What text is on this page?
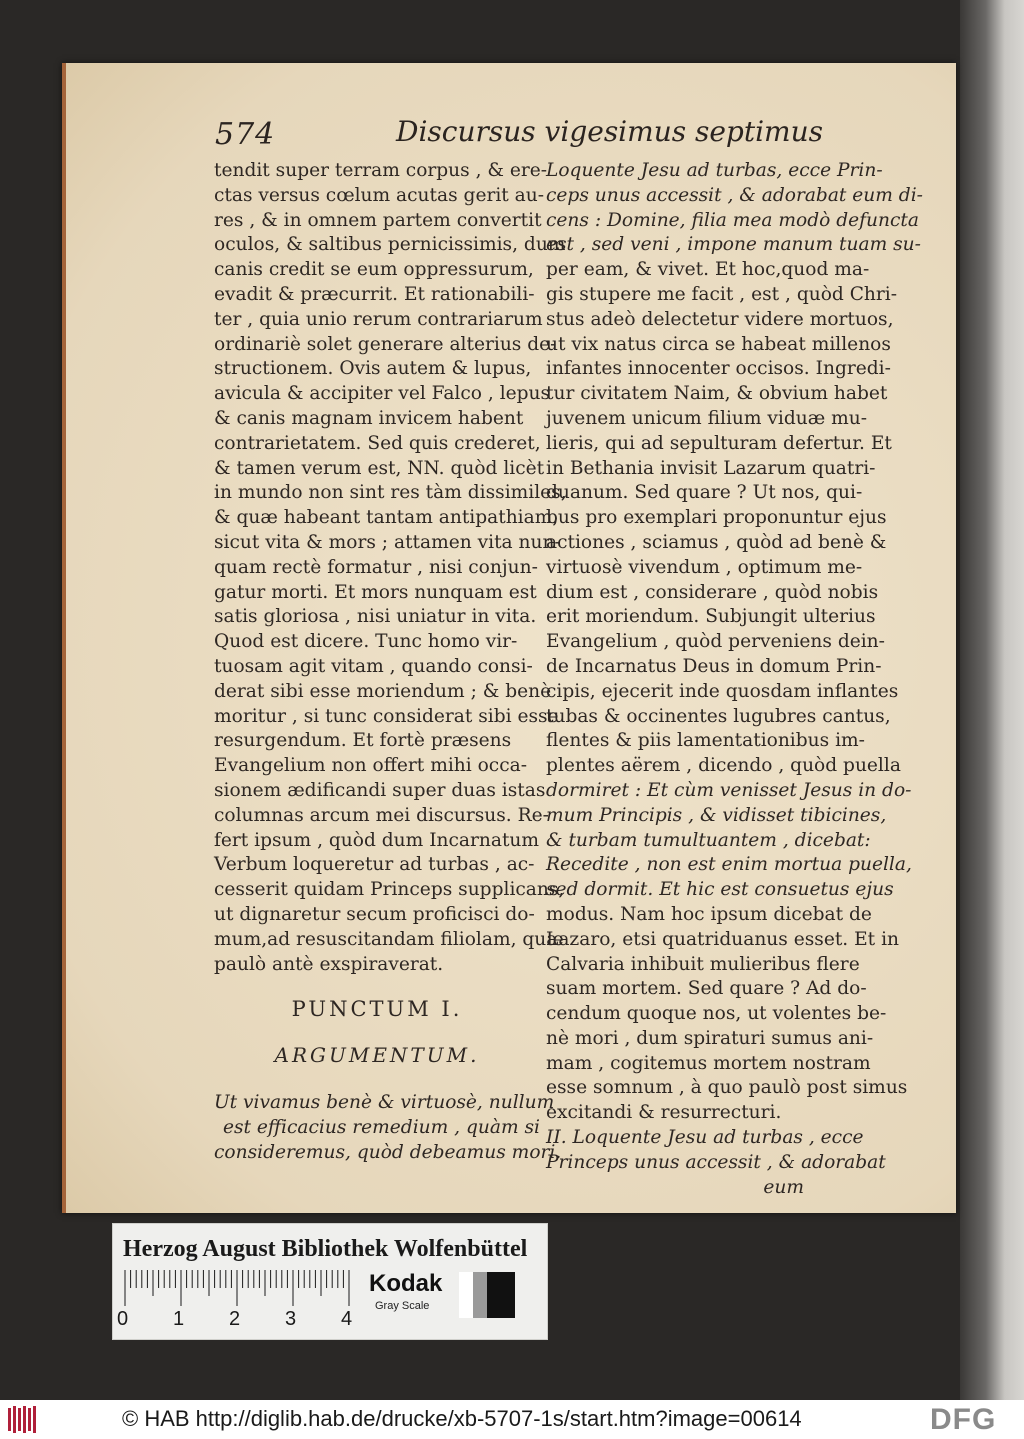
574	Discursus vigesimus septimus
tendit super terram corpus , & ere-
ctas versus cœlum acutas gerit au-
res , & in omnem partem convertit
oculos, & saltibus pernicissimis, dum
canis credit se eum oppressurum,
evadit & præcurrit. Et rationabili-
ter , quia unio rerum contrariarum
ordinariè solet generare alterius de-
structionem. Ovis autem & lupus,
avicula & accipiter vel Falco , lepus
& canis magnam invicem habent
contrarietatem. Sed quis crederet,
& tamen verum est, NN. quòd licèt
in mundo non sint res tàm dissimiles,
& quæ habeant tantam antipathiam,
sicut vita & mors ; attamen vita nun-
quam rectè formatur , nisi conjun-
gatur morti. Et mors nunquam est
satis gloriosa , nisi uniatur in vita.
Quod est dicere. Tunc homo vir-
tuosam agit vitam , quando consi-
derat sibi esse moriendum ; & benè
moritur , si tunc considerat sibi esse
resurgendum. Et fortè præsens
Evangelium non offert mihi occa-
sionem ædificandi super duas istas
columnas arcum mei discursus. Re-
fert ipsum , quòd dum Incarnatum
Verbum loqueretur ad turbas , ac-
cesserit quidam Princeps supplicans,
ut dignaretur secum proficisci do-
mum,ad resuscitandam filiolam, quæ
paulò antè exspiraverat.
PUNCTUM I.
ARGUMENTUM.
Ut vivamus benè & virtuosè, nullum
est efficacius remedium , quàm si
consideremus, quòd debeamus mori.
Loquente Jesu ad turbas, ecce Prin-
ceps unus accessit , & adorabat eum di-
cens : Domine, filia mea modò defuncta
est , sed veni , impone manum tuam su-
per eam, & vivet. Et hoc,quod ma-
gis stupere me facit , est , quòd Chri-
stus adeò delectetur videre mortuos,
ut vix natus circa se habeat millenos
infantes innocenter occisos. Ingredi-
tur civitatem Naim, & obvium habet
juvenem unicum filium viduæ mu-
lieris, qui ad sepulturam defertur. Et
in Bethania invisit Lazarum quatri-
duanum. Sed quare ? Ut nos, qui-
bus pro exemplari proponuntur ejus
actiones , sciamus , quòd ad benè &
virtuosè vivendum , optimum me-
dium est , considerare , quòd nobis
erit moriendum. Subjungit ulterius
Evangelium , quòd perveniens dein-
de Incarnatus Deus in domum Prin-
cipis, ejecerit inde quosdam inflantes
tubas & occinentes lugubres cantus,
flentes & piis lamentationibus im-
plentes aërem , dicendo , quòd puella
dormiret : Et cùm venisset Jesus in do-
mum Principis , & vidisset tibicines,
& turbam tumultuantem , dicebat:
Recedite , non est enim mortua puella,
sed dormit. Et hic est consuetus ejus
modus. Nam hoc ipsum dicebat de
Lazaro, etsi quatriduanus esset. Et in
Calvaria inhibuit mulieribus flere
suam mortem. Sed quare ? Ad do-
cendum quoque nos, ut volentes be-
nè mori , dum spiraturi sumus ani-
mam , cogitemus mortem nostram
esse somnum , à quo paulò post simus
excitandi & resurrecturi.
II. Loquente Jesu ad turbas , ecce
Princeps unus accessit , & adorabat
eum
Herzog August Bibliothek Wolfenbüttel
0 1 2 3 4
Kodak
Gray Scale
© HAB http://diglib.hab.de/drucke/xb-5707-1s/start.htm?image=00614	DFG
